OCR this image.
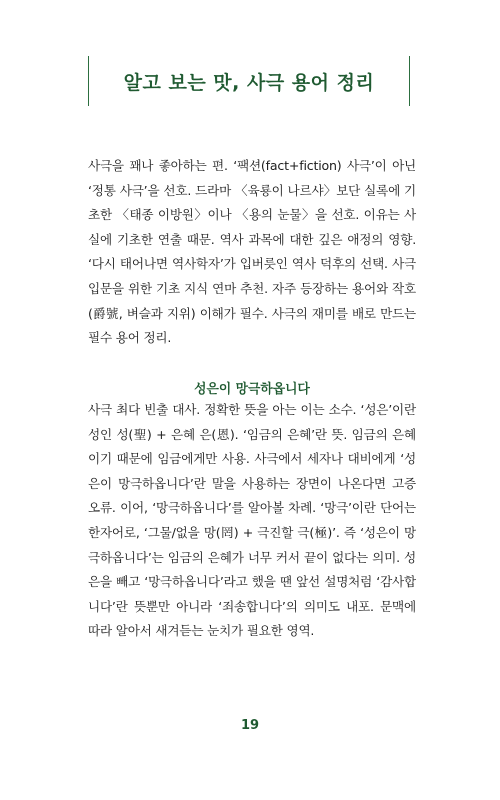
알고 보는 맛, 사극 용어 정리
사극을 꽤나 좋아하는 편. ‘팩션(fact+fiction) 사극’이 아닌 ‘정통 사극’을 선호. 드라마 〈육룡이 나르샤〉보단 실록에 기초한 〈태종 이방원〉이나 〈용의 눈물〉을 선호. 이유는 사실에 기초한 연출 때문. 역사 과목에 대한 깊은 애정의 영향. ‘다시 태어나면 역사학자’가 입버릇인 역사 덕후의 선택. 사극 입문을 위한 기초 지식 연마 추천. 자주 등장하는 용어와 작호(爵號, 벼슬과 지위) 이해가 필수. 사극의 재미를 배로 만드는 필수 용어 정리.
성은이 망극하옵니다
사극 최다 빈출 대사. 정확한 뜻을 아는 이는 소수. ‘성은’이란 성인 성(聖) + 은혜 은(恩). ‘임금의 은혜’란 뜻. 임금의 은혜이기 때문에 임금에게만 사용. 사극에서 세자나 대비에게 ‘성은이 망극하옵니다’란 말을 사용하는 장면이 나온다면 고증 오류. 이어, ‘망극하옵니다’를 알아볼 차례. ‘망극’이란 단어는 한자어로, ‘그물/없을 망(罔) + 극진할 극(極)’. 즉 ‘성은이 망극하옵니다’는 임금의 은혜가 너무 커서 끝이 없다는 의미. 성은을 빼고 ‘망극하옵니다’라고 했을 땐 앞선 설명처럼 ‘감사합니다’란 뜻뿐만 아니라 ‘죄송합니다’의 의미도 내포. 문맥에 따라 알아서 새겨듣는 눈치가 필요한 영역.
19
